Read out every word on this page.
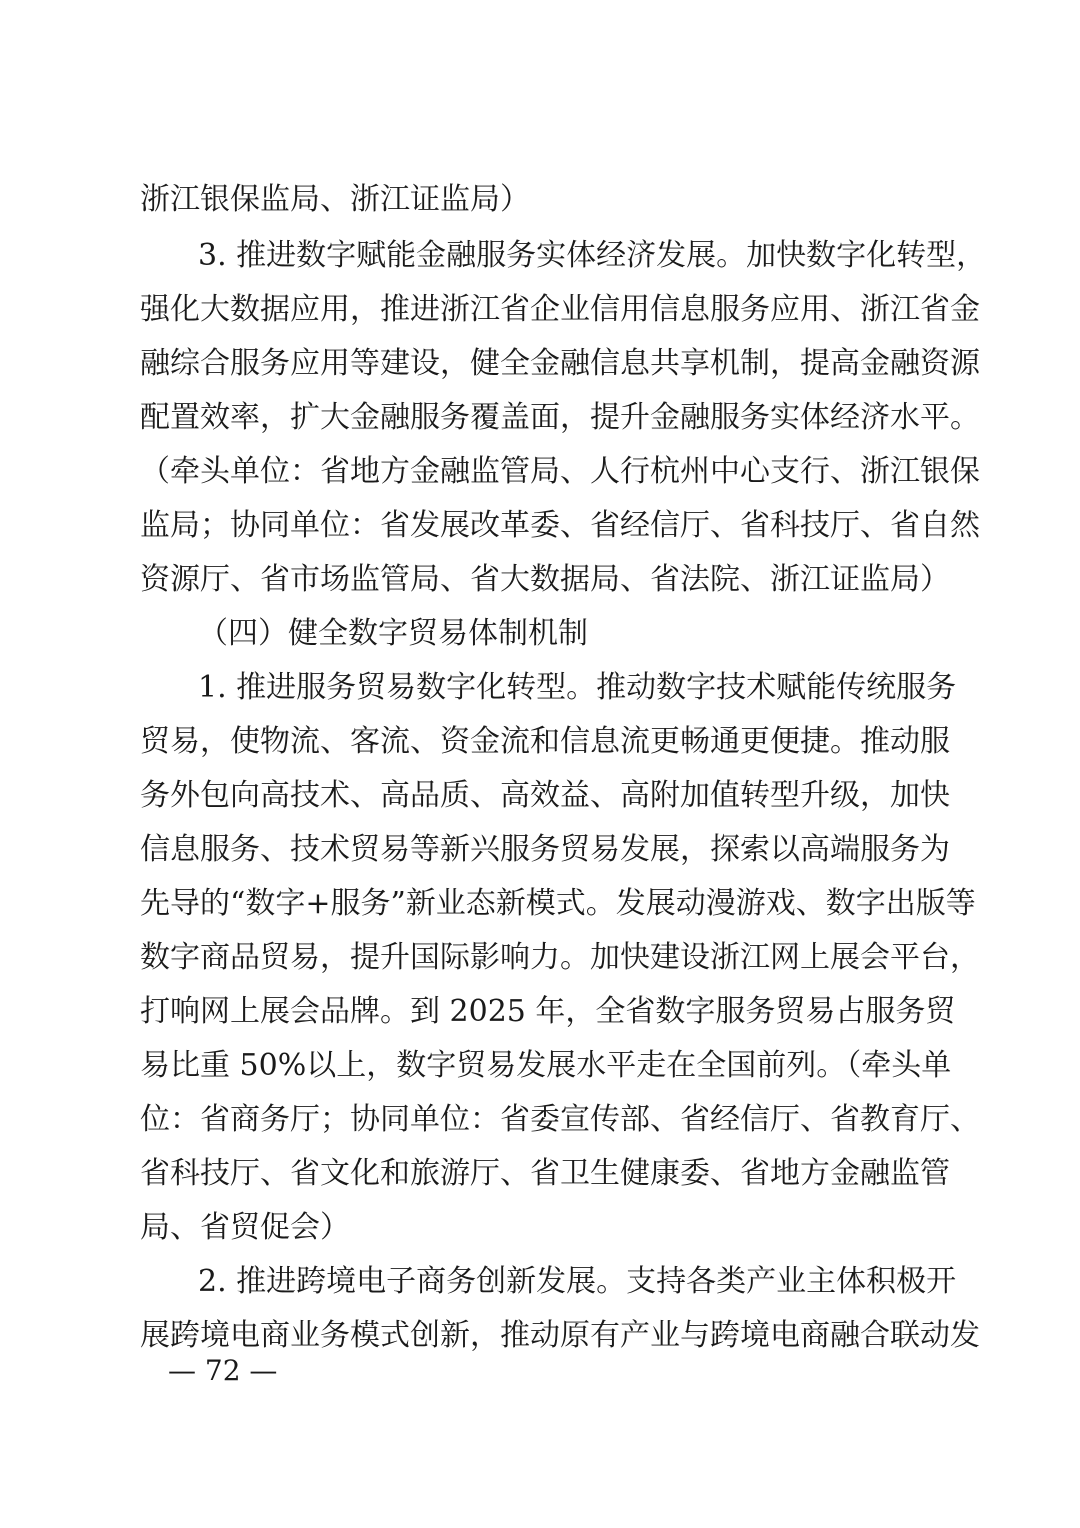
浙江银保监局、浙江证监局）
3. 推进数字赋能金融服务实体经济发展。加快数字化转型，
强化大数据应用，推进浙江省企业信用信息服务应用、浙江省金
融综合服务应用等建设，健全金融信息共享机制，提高金融资源
配置效率，扩大金融服务覆盖面，提升金融服务实体经济水平。
（牵头单位：省地方金融监管局、人行杭州中心支行、浙江银保
监局；协同单位：省发展改革委、省经信厅、省科技厅、省自然
资源厅、省市场监管局、省大数据局、省法院、浙江证监局）
（四）健全数字贸易体制机制
1. 推进服务贸易数字化转型。推动数字技术赋能传统服务
贸易，使物流、客流、资金流和信息流更畅通更便捷。推动服
务外包向高技术、高品质、高效益、高附加值转型升级，加快
信息服务、技术贸易等新兴服务贸易发展，探索以高端服务为
先导的“数字+服务”新业态新模式。发展动漫游戏、数字出版等
数字商品贸易，提升国际影响力。加快建设浙江网上展会平台，
打响网上展会品牌。到 2025 年，全省数字服务贸易占服务贸
易比重 50%以上，数字贸易发展水平走在全国前列。（牵头单
位：省商务厅；协同单位：省委宣传部、省经信厅、省教育厅、
省科技厅、省文化和旅游厅、省卫生健康委、省地方金融监管
局、省贸促会）
2. 推进跨境电子商务创新发展。支持各类产业主体积极开
展跨境电商业务模式创新，推动原有产业与跨境电商融合联动发
— 72 —
